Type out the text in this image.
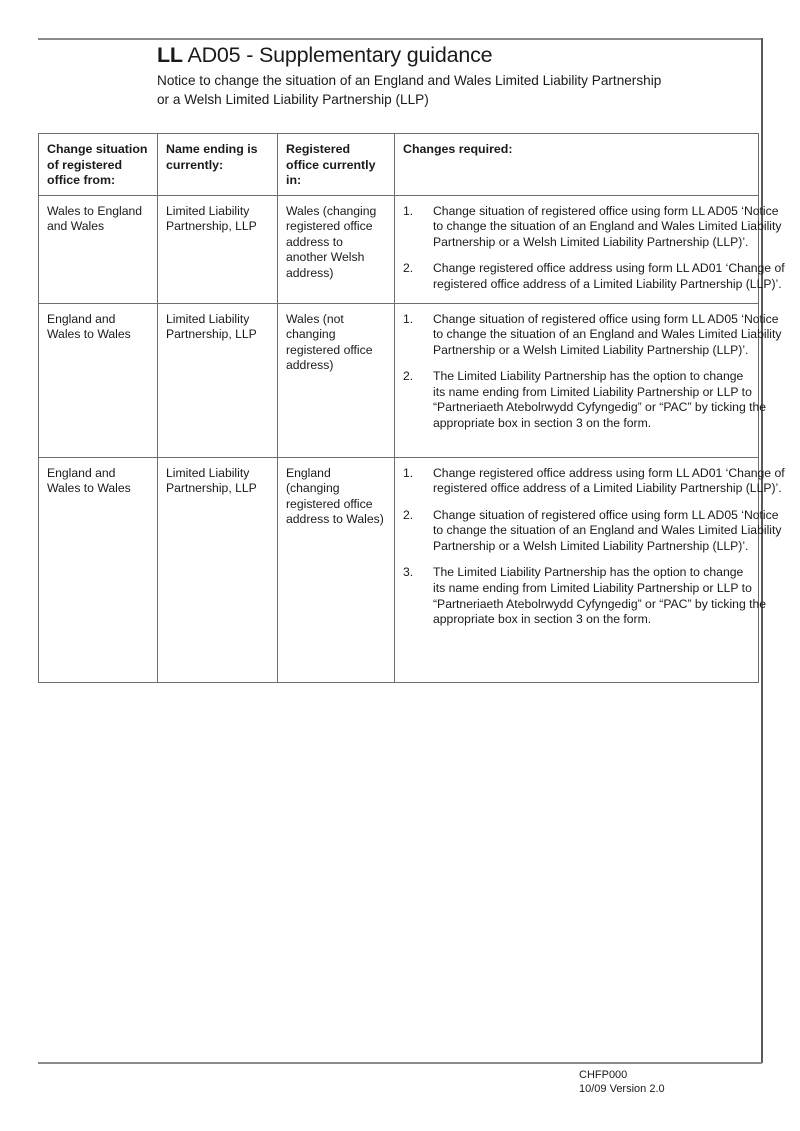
LL AD05 - Supplementary guidance
Notice to change the situation of an England and Wales Limited Liability Partnership
or a Welsh Limited Liability Partnership (LLP)
Change situation of registered office from:	Name ending is currently:	Registered office currently in:	Changes required:
Wales to England and Wales	Limited Liability Partnership, LLP	Wales (changing registered office address to another Welsh address)	
1.	Change situation of registered office using form LL AD05 ‘Notice
to change the situation of an England and Wales Limited Liability
Partnership or a Welsh Limited Liability Partnership (LLP)’.
2.	Change registered office address using form LL AD01 ‘Change of
registered office address of a Limited Liability Partnership (LLP)’.

England and Wales to Wales	Limited Liability Partnership, LLP	Wales (not changing registered office address)	
1.	Change situation of registered office using form LL AD05 ‘Notice
to change the situation of an England and Wales Limited Liability
Partnership or a Welsh Limited Liability Partnership (LLP)’.
2.	The Limited Liability Partnership has the option to change
its name ending from Limited Liability Partnership or LLP to
“Partneriaeth Atebolrwydd Cyfyngedig” or “PAC” by ticking the
appropriate box in section 3 on the form.

England and Wales to Wales	Limited Liability Partnership, LLP	England (changing registered office address to Wales)	
1.	Change registered office address using form LL AD01 ‘Change of
registered office address of a Limited Liability Partnership (LLP)’.
2.	Change situation of registered office using form LL AD05 ‘Notice
to change the situation of an England and Wales Limited Liability
Partnership or a Welsh Limited Liability Partnership (LLP)’.
3.	The Limited Liability Partnership has the option to change
its name ending from Limited Liability Partnership or LLP to
“Partneriaeth Atebolrwydd Cyfyngedig” or “PAC” by ticking the
appropriate box in section 3 on the form.
CHFP000
10/09 Version 2.0
